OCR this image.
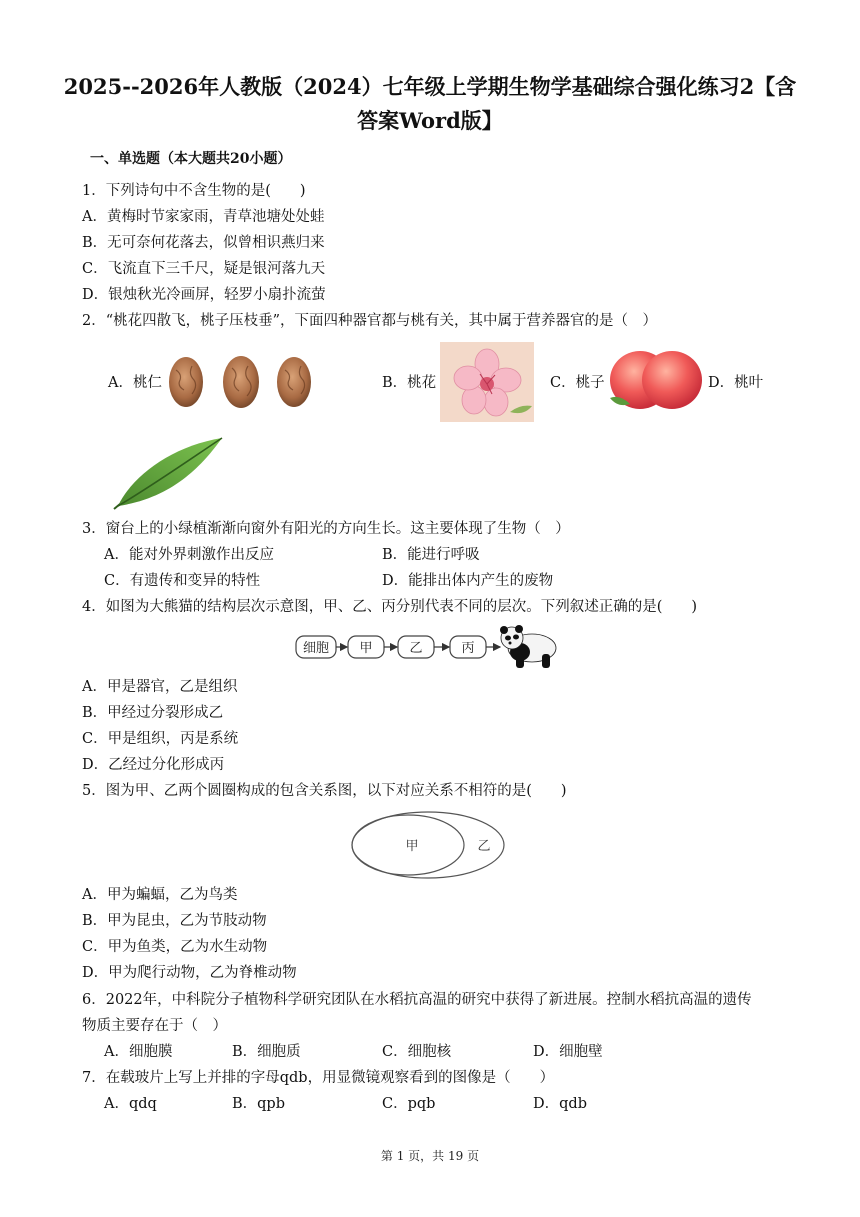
2025--2026年人教版（2024）七年级上学期生物学基础综合强化练习2【含答案Word版】
一、单选题（本大题共20小题）
1．下列诗句中不含生物的是(　　)
A．黄梅时节家家雨，青草池塘处处蛙
B．无可奈何花落去，似曾相识燕归来
C．飞流直下三千尺，疑是银河落九天
D．银烛秋光冷画屏，轻罗小扇扑流萤
2．“桃花四散飞，桃子压枝垂”，下面四种器官都与桃有关，其中属于营养器官的是（　）
A．桃仁	B．桃花	C．桃子	D．桃叶
3．窗台上的小绿植渐渐向窗外有阳光的方向生长。这主要体现了生物（　）
A．能对外界刺激作出反应	B．能进行呼吸
C．有遗传和变异的特性	D．能排出体内产生的废物
4．如图为大熊猫的结构层次示意图，甲、乙、丙分别代表不同的层次。下列叙述正确的是(　　)
细胞 甲	乙	丙
A．甲是器官，乙是组织
B．甲经过分裂形成乙
C．甲是组织，丙是系统
D．乙经过分化形成丙
5．图为甲、乙两个圆圈构成的包含关系图，以下对应关系不相符的是(　　)
甲	乙
A．甲为蝙蝠，乙为鸟类
B．甲为昆虫，乙为节肢动物
C．甲为鱼类，乙为水生动物
D．甲为爬行动物，乙为脊椎动物
6．2022年，中科院分子植物科学研究团队在水稻抗高温的研究中获得了新进展。控制水稻抗高温的遗传
物质主要存在于（　）
A．细胞膜	B．细胞质	C．细胞核	D．细胞壁
7．在载玻片上写上并排的字母qdb，用显微镜观察看到的图像是（　　）
A．qdq	B．qpb	C．pqb	D．qdb
第 1 页，共 19 页
